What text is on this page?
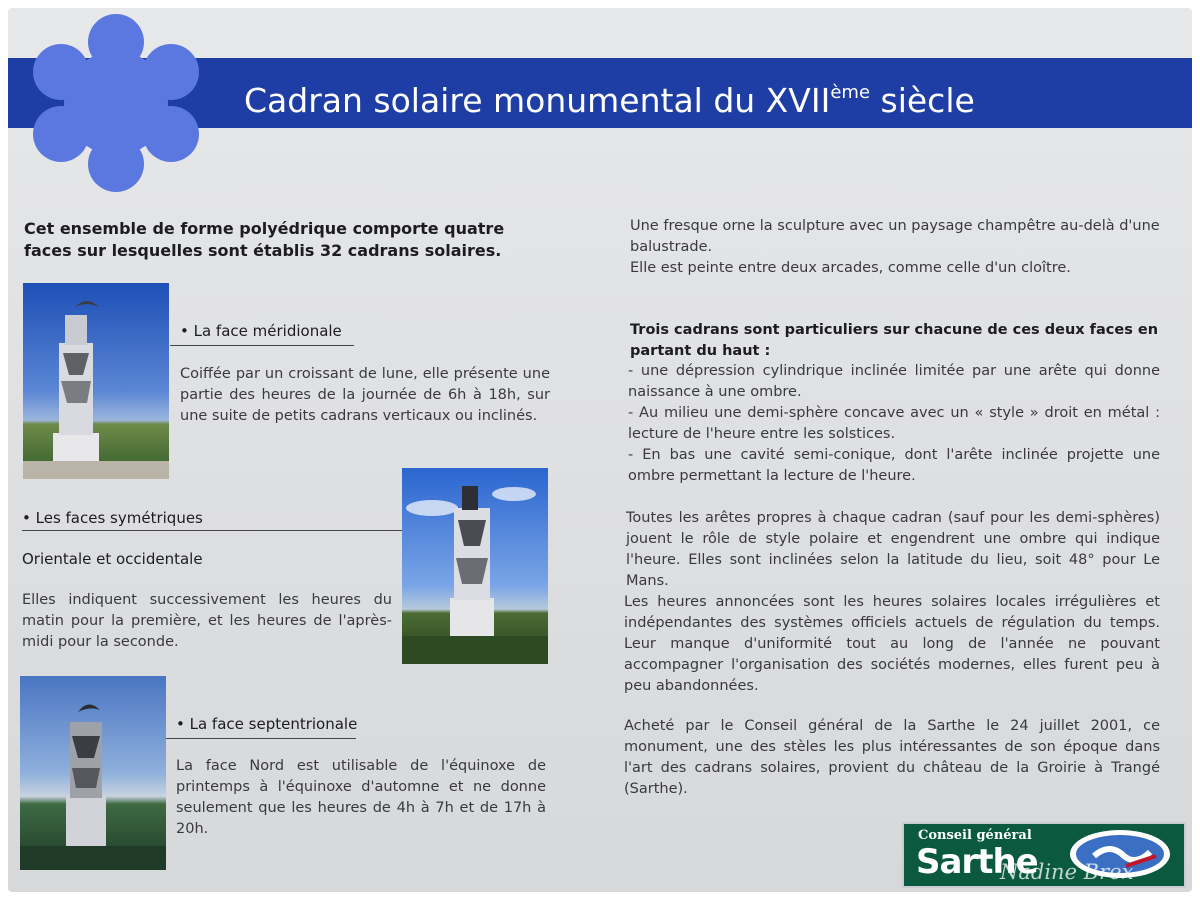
Cadran solaire monumental du XVIIème siècle

Cet ensemble de forme polyédrique comporte quatre faces sur lesquelles sont établis 32 cadrans solaires.

• La face méridionale

Coiffée par un croissant de lune, elle présente une partie des heures de la journée de 6h à 18h, sur une suite de petits cadrans verticaux ou inclinés.

• Les faces symétriques

Orientale et occidentale

Elles indiquent successivement les heures du matin pour la première, et les heures de l'après-midi pour la seconde.

• La face septentrionale

La face Nord est utilisable de l'équinoxe de printemps à l'équinoxe d'automne et ne donne seulement que les heures de 4h à 7h et de 17h à 20h.

Une fresque orne la sculpture avec un paysage champêtre au-delà d'une balustrade.

Elle est peinte entre deux arcades, comme celle d'un cloître.

Trois cadrans sont particuliers sur chacune de ces deux faces en partant du haut :

- une dépression cylindrique inclinée limitée par une arête qui donne naissance à une ombre.

- Au milieu une demi-sphère concave avec un « style » droit en métal : lecture de l'heure entre les solstices.

- En bas une cavité semi-conique, dont l'arête inclinée projette une ombre permettant la lecture de l'heure.

Toutes les arêtes propres à chaque cadran (sauf pour les demi-sphères) jouent le rôle de style polaire et engendrent une ombre qui indique l'heure. Elles sont inclinées selon la latitude du lieu, soit 48° pour Le Mans.

Les heures annoncées sont les heures solaires locales irrégulières et indépendantes des systèmes officiels actuels de régulation du temps. Leur manque d'uniformité tout au long de l'année ne pouvant accompagner l'organisation des sociétés modernes, elles furent peu à peu abandonnées.

Acheté par le Conseil général de la Sarthe le 24 juillet 2001, ce monument, une des stèles les plus intéressantes de son époque dans l'art des cadrans solaires, provient du château de la Groirie à Trangé (Sarthe).

Conseil général
Sarthe
Nadine Brex
